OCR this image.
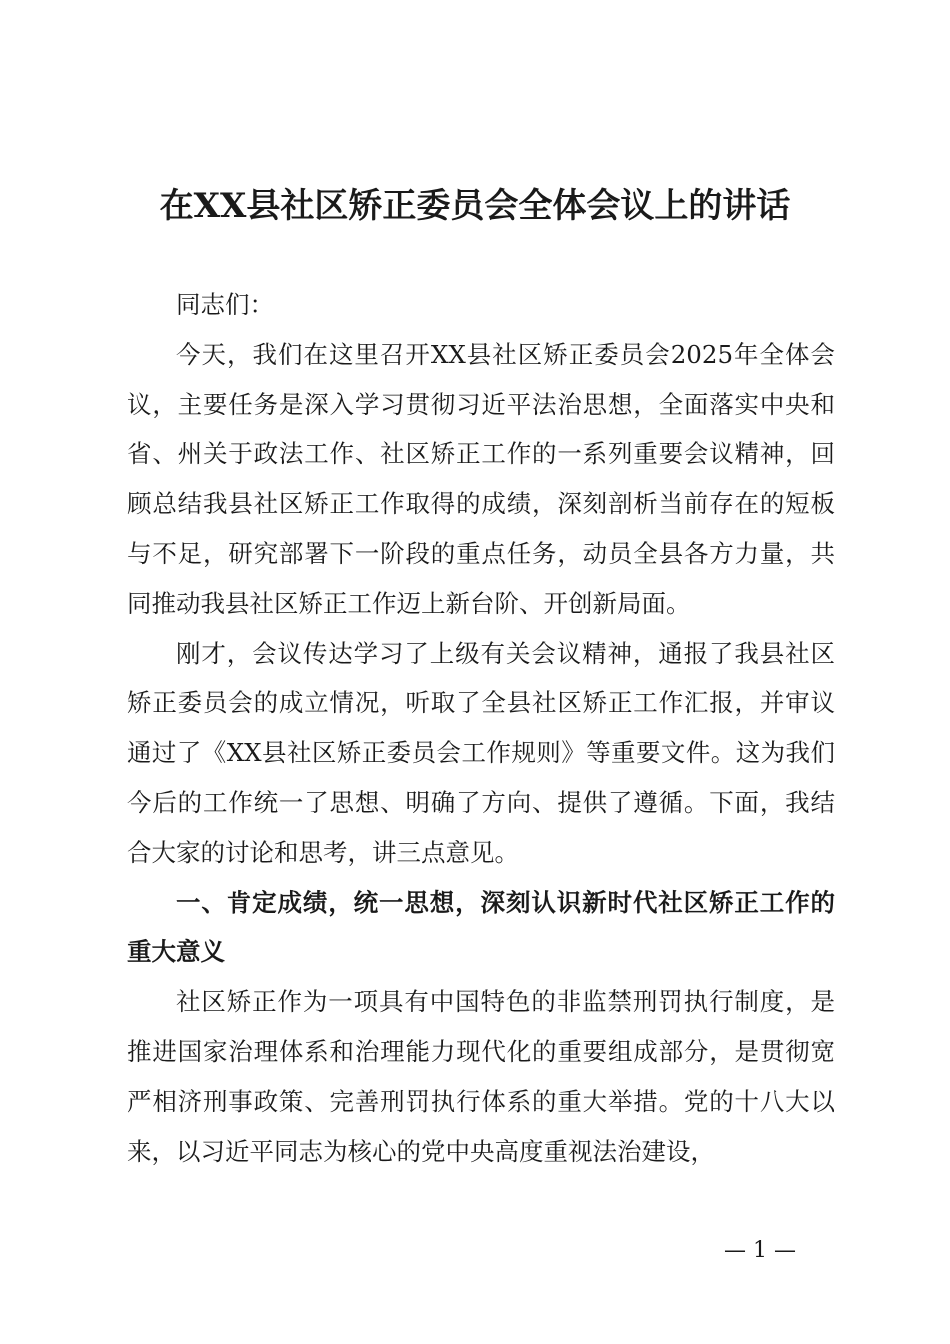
在XX县社区矫正委员会全体会议上的讲话

同志们：

今天，我们在这里召开XX县社区矫正委员会2025年全体会议，主要任务是深入学习贯彻习近平法治思想，全面落实中央和省、州关于政法工作、社区矫正工作的一系列重要会议精神，回顾总结我县社区矫正工作取得的成绩，深刻剖析当前存在的短板与不足，研究部署下一阶段的重点任务，动员全县各方力量，共同推动我县社区矫正工作迈上新台阶、开创新局面。

刚才，会议传达学习了上级有关会议精神，通报了我县社区矫正委员会的成立情况，听取了全县社区矫正工作汇报，并审议通过了《XX县社区矫正委员会工作规则》等重要文件。这为我们今后的工作统一了思想、明确了方向、提供了遵循。下面，我结合大家的讨论和思考，讲三点意见。

一、肯定成绩，统一思想，深刻认识新时代社区矫正工作的重大意义

社区矫正作为一项具有中国特色的非监禁刑罚执行制度，是推进国家治理体系和治理能力现代化的重要组成部分，是贯彻宽严相济刑事政策、完善刑罚执行体系的重大举措。党的十八大以来，以习近平同志为核心的党中央高度重视法治建设，

— 1 —
